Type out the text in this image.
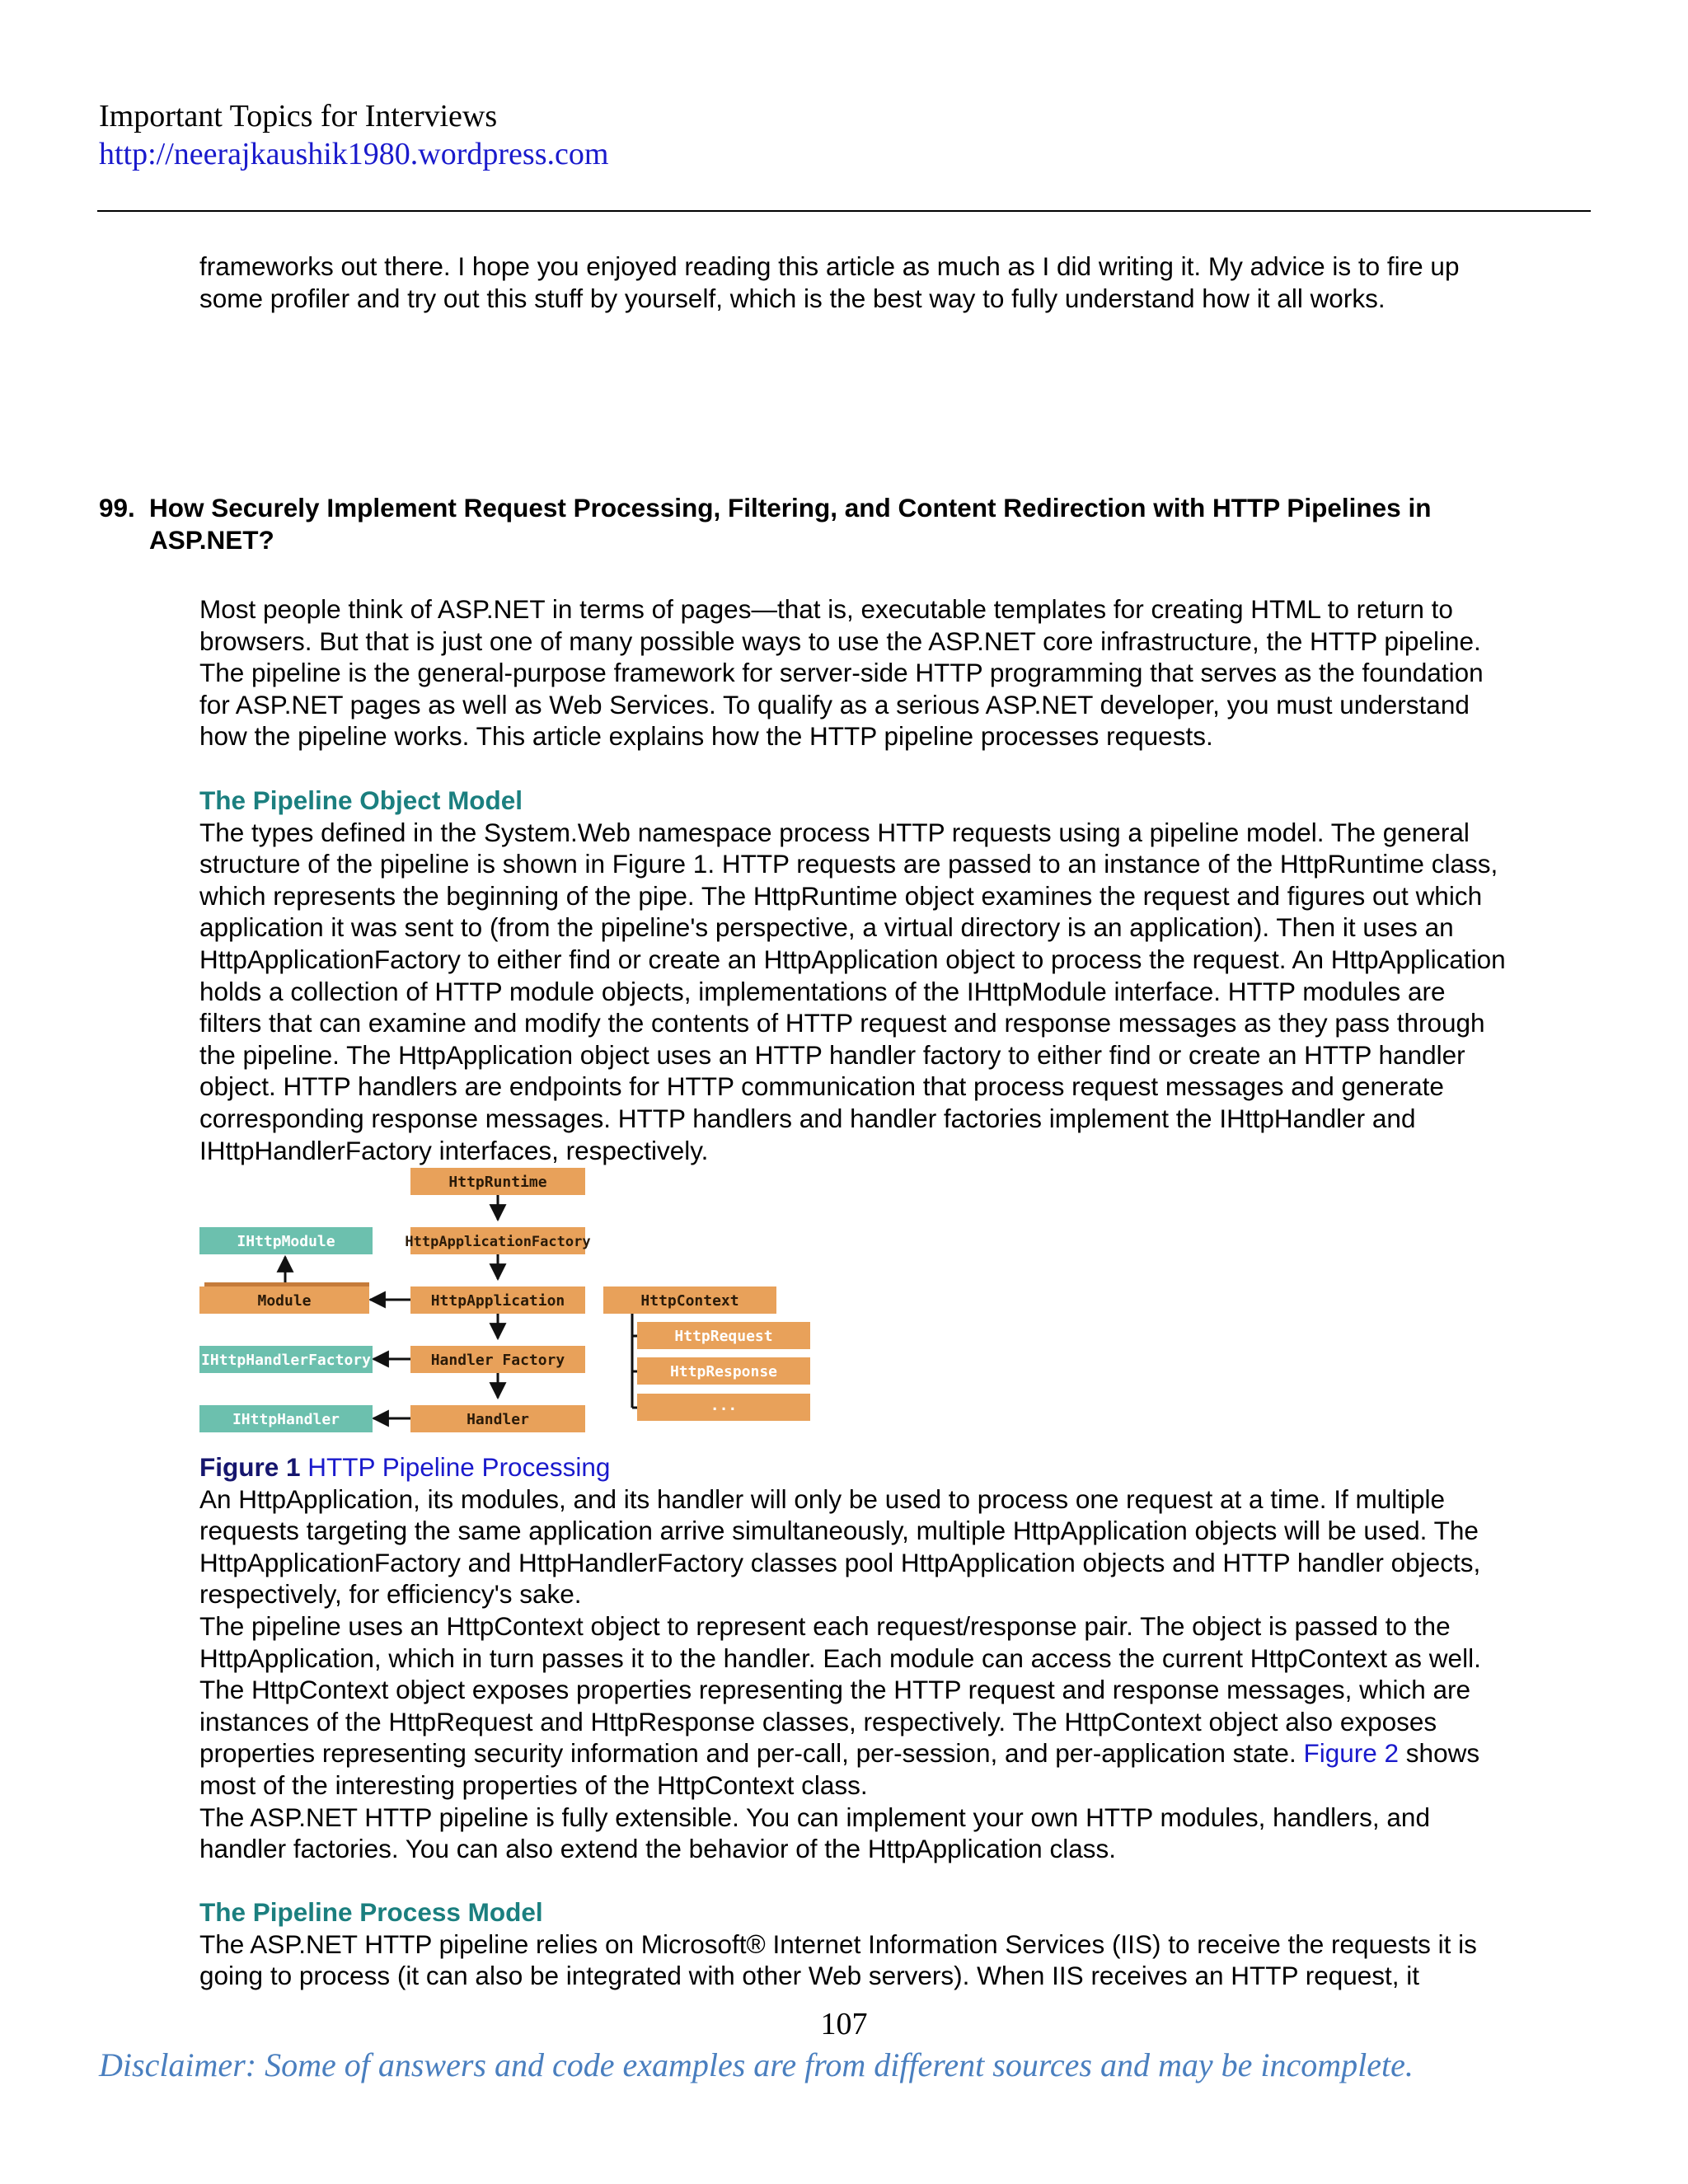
Important Topics for Interviews
http://neerajkaushik1980.wordpress.com
frameworks out there. I hope you enjoyed reading this article as much as I did writing it. My advice is to fire up
some profiler and try out this stuff by yourself, which is the best way to fully understand how it all works.
99. How Securely Implement Request Processing, Filtering, and Content Redirection with HTTP Pipelines in
ASP.NET?
Most people think of ASP.NET in terms of pages—that is, executable templates for creating HTML to return to
browsers. But that is just one of many possible ways to use the ASP.NET core infrastructure, the HTTP pipeline.
The pipeline is the general-purpose framework for server-side HTTP programming that serves as the foundation
for ASP.NET pages as well as Web Services. To qualify as a serious ASP.NET developer, you must understand
how the pipeline works. This article explains how the HTTP pipeline processes requests.
The Pipeline Object Model
The types defined in the System.Web namespace process HTTP requests using a pipeline model. The general
structure of the pipeline is shown in Figure 1. HTTP requests are passed to an instance of the HttpRuntime class,
which represents the beginning of the pipe. The HttpRuntime object examines the request and figures out which
application it was sent to (from the pipeline's perspective, a virtual directory is an application). Then it uses an
HttpApplicationFactory to either find or create an HttpApplication object to process the request. An HttpApplication
holds a collection of HTTP module objects, implementations of the IHttpModule interface. HTTP modules are
filters that can examine and modify the contents of HTTP request and response messages as they pass through
the pipeline. The HttpApplication object uses an HTTP handler factory to either find or create an HTTP handler
object. HTTP handlers are endpoints for HTTP communication that process request messages and generate
corresponding response messages. HTTP handlers and handler factories implement the IHttpHandler and
IHttpHandlerFactory interfaces, respectively.
IHttpModule
IHttpHandlerFactory
IHttpHandler
Module
HttpRuntime
HttpApplicationFactory
HttpApplication
Handler Factory
Handler
HttpContext
HttpRequest
HttpResponse
...
Figure 1 HTTP Pipeline Processing
An HttpApplication, its modules, and its handler will only be used to process one request at a time. If multiple
requests targeting the same application arrive simultaneously, multiple HttpApplication objects will be used. The
HttpApplicationFactory and HttpHandlerFactory classes pool HttpApplication objects and HTTP handler objects,
respectively, for efficiency's sake.
The pipeline uses an HttpContext object to represent each request/response pair. The object is passed to the
HttpApplication, which in turn passes it to the handler. Each module can access the current HttpContext as well.
The HttpContext object exposes properties representing the HTTP request and response messages, which are
instances of the HttpRequest and HttpResponse classes, respectively. The HttpContext object also exposes
properties representing security information and per-call, per-session, and per-application state. Figure 2 shows
most of the interesting properties of the HttpContext class.
The ASP.NET HTTP pipeline is fully extensible. You can implement your own HTTP modules, handlers, and
handler factories. You can also extend the behavior of the HttpApplication class.
The Pipeline Process Model
The ASP.NET HTTP pipeline relies on Microsoft® Internet Information Services (IIS) to receive the requests it is
going to process (it can also be integrated with other Web servers). When IIS receives an HTTP request, it
107
Disclaimer: Some of answers and code examples are from different sources and may be incomplete.
